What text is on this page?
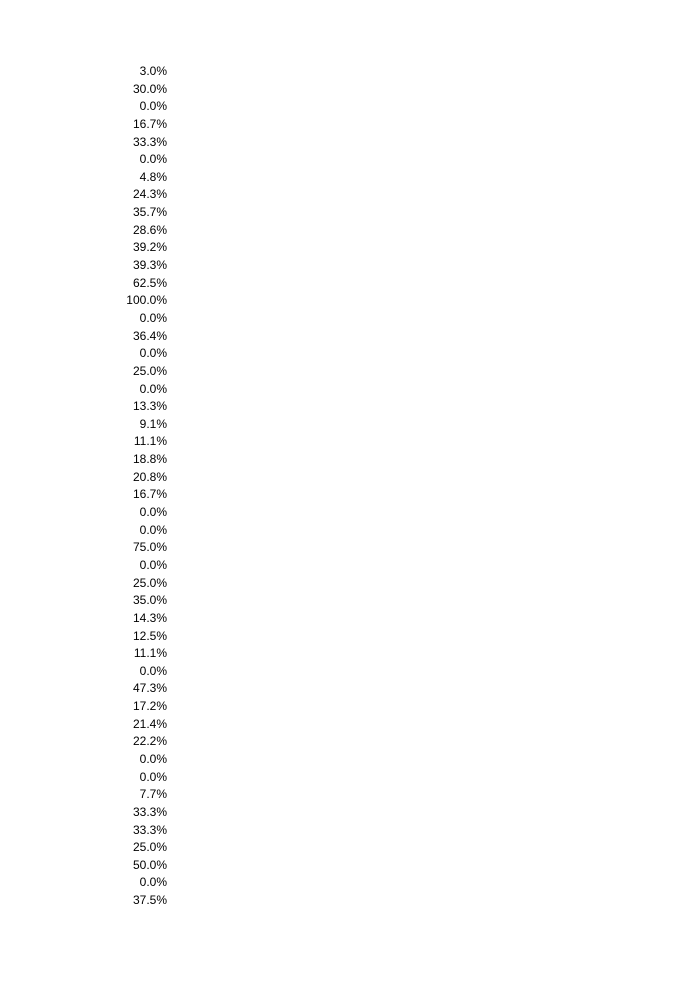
3.0%
30.0%
0.0%
16.7%
33.3%
0.0%
4.8%
24.3%
35.7%
28.6%
39.2%
39.3%
62.5%
100.0%
0.0%
36.4%
0.0%
25.0%
0.0%
13.3%
9.1%
11.1%
18.8%
20.8%
16.7%
0.0%
0.0%
75.0%
0.0%
25.0%
35.0%
14.3%
12.5%
11.1%
0.0%
47.3%
17.2%
21.4%
22.2%
0.0%
0.0%
7.7%
33.3%
33.3%
25.0%
50.0%
0.0%
37.5%
